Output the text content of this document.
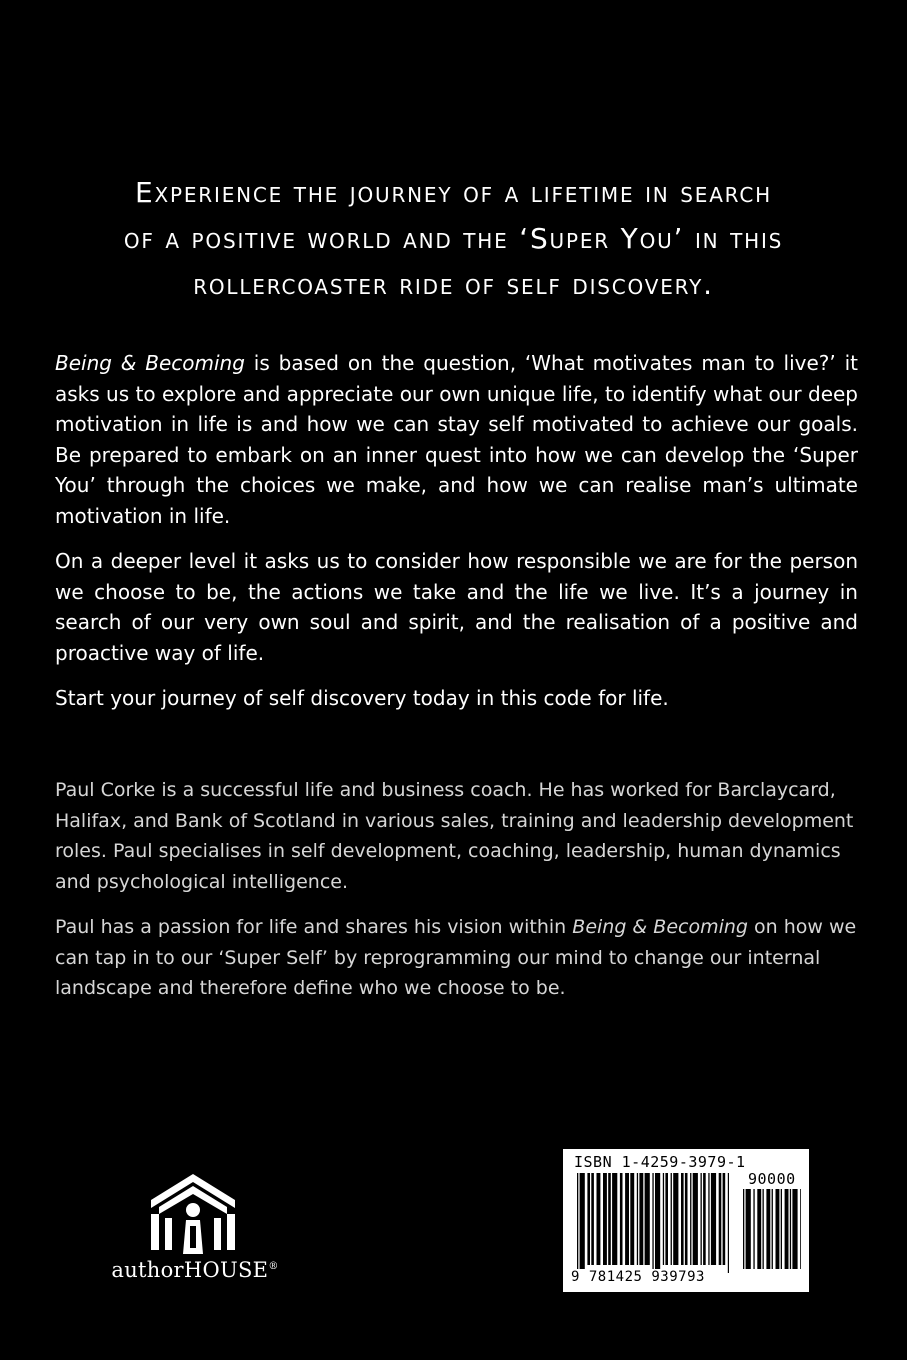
Experience the journey of a lifetime in search
of a positive world and the ‘Super You’ in this
rollercoaster ride of self discovery.

Being & Becoming is based on the question, ‘What motivates man to live?’ it asks us to explore and appreciate our own unique life, to identify what our deep motivation in life is and how we can stay self motivated to achieve our goals. Be prepared to embark on an inner quest into how we can develop the ‘Super You’ through the choices we make, and how we can realise man’s ultimate motivation in life.

On a deeper level it asks us to consider how responsible we are for the person we choose to be, the actions we take and the life we live. It’s a journey in search of our very own soul and spirit, and the realisation of a positive and proactive way of life.

Start your journey of self discovery today in this code for life.

Paul Corke is a successful life and business coach. He has worked for Barclaycard, Halifax, and Bank of Scotland in various sales, training and leadership development roles. Paul specialises in self development, coaching, leadership, human dynamics and psychological intelligence.

Paul has a passion for life and shares his vision within Being & Becoming on how we can tap in to our ‘Super Self’ by reprogramming our mind to change our internal landscape and therefore define who we choose to be.

authorHOUSE®
ISBN 1-4259-3979-1
90000
9 781425 939793
